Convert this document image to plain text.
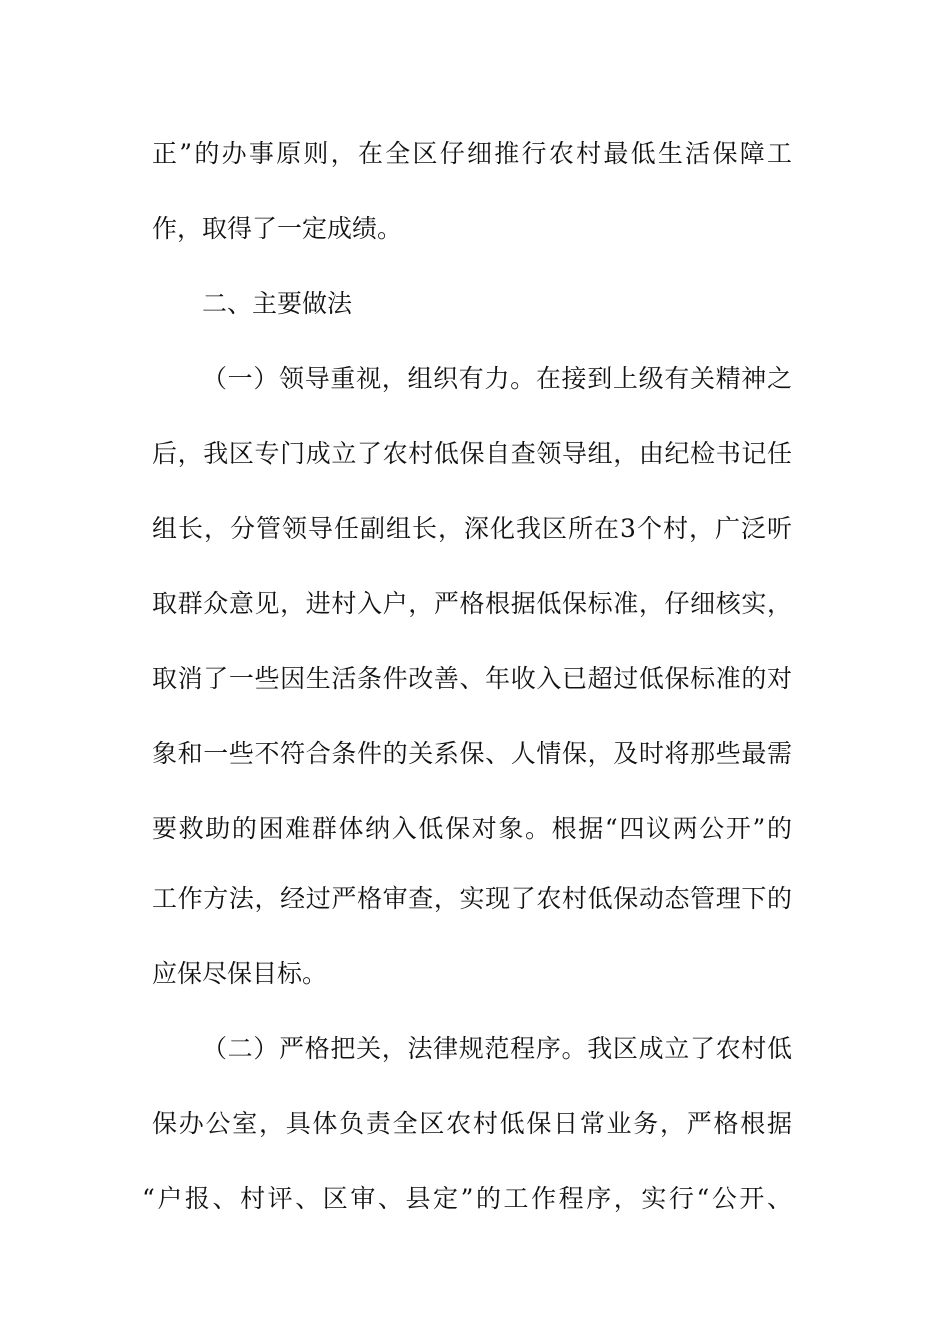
正”的办事原则，在全区仔细推行农村最低生活保障工
作，取得了一定成绩。
二、主要做法
（一）领导重视，组织有力。在接到上级有关精神之
后，我区专门成立了农村低保自查领导组，由纪检书记任
组长，分管领导任副组长，深化我区所在3个村，广泛听
取群众意见，进村入户，严格根据低保标准，仔细核实，
取消了一些因生活条件改善、年收入已超过低保标准的对
象和一些不符合条件的关系保、人情保，及时将那些最需
要救助的困难群体纳入低保对象。根据“四议两公开”的
工作方法，经过严格审查，实现了农村低保动态管理下的
应保尽保目标。
（二）严格把关，法律规范程序。我区成立了农村低
保办公室，具体负责全区农村低保日常业务，严格根据
“户报、村评、区审、县定”的工作程序，实行“公开、
